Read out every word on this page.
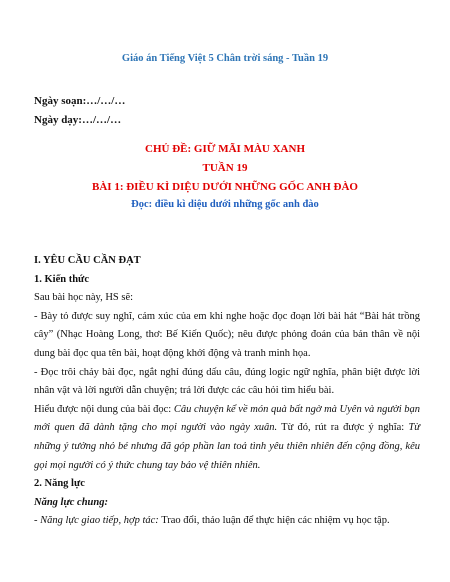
Giáo án Tiếng Việt 5 Chân trời sáng - Tuần 19
Ngày soạn:…/…/…
Ngày dạy:…/…/…
CHỦ ĐỀ: GIỮ MÃI MÀU XANH
TUẦN 19
BÀI 1: ĐIỀU KÌ DIỆU DƯỚI NHỮNG GỐC ANH ĐÀO
Đọc: điều kì diệu dưới những gốc anh đào

I. YÊU CẦU CẦN ĐẠT

1. Kiến thức

Sau bài học này, HS sẽ:

- Bày tỏ được suy nghĩ, cảm xúc của em khi nghe hoặc đọc đoạn lời bài hát “Bài hát trồng cây” (Nhạc Hoàng Long, thơ: Bế Kiến Quốc); nêu được phỏng đoán của bản thân về nội dung bài đọc qua tên bài, hoạt động khởi động và tranh minh họa.

- Đọc trôi chảy bài đọc, ngắt nghỉ đúng dấu câu, đúng logic ngữ nghĩa, phân biệt được lời nhân vật và lời người dẫn chuyện; trả lời được các câu hỏi tìm hiểu bài.

Hiểu được nội dung của bài đọc: Câu chuyện kể về món quà bất ngờ mà Uyên và người bạn mới quen đã dành tặng cho mọi người vào ngày xuân. Từ đó, rút ra được ý nghĩa: Từ những ý tưởng nhỏ bé nhưng đã góp phần lan toả tình yêu thiên nhiên đến cộng đồng, kêu gọi mọi người có ý thức chung tay bảo vệ thiên nhiên.

2. Năng lực

Năng lực chung:

- Năng lực giao tiếp, hợp tác: Trao đổi, thảo luận để thực hiện các nhiệm vụ học tập.
